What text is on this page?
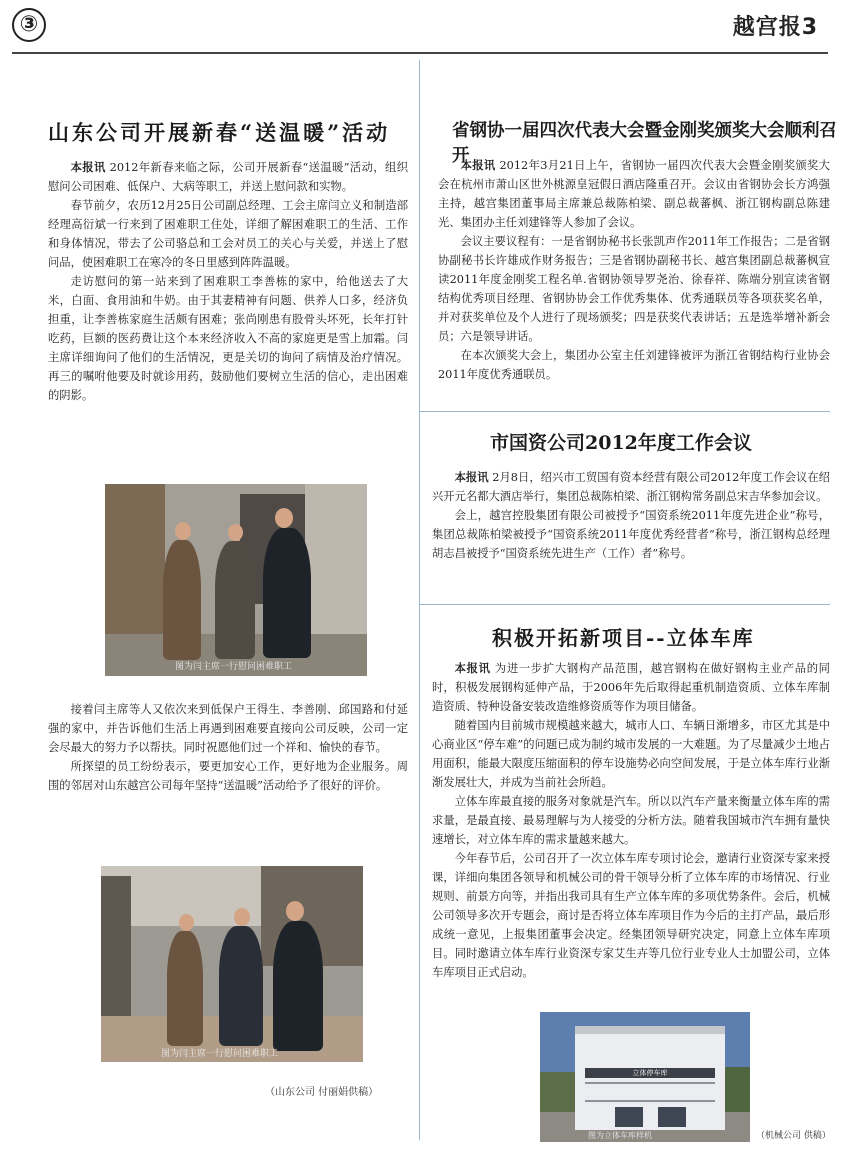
③	越宫报3
山东公司开展新春“送温暖”活动

本报讯 2012年新春来临之际，公司开展新春“送温暖”活动，组织慰问公司困难、低保户、大病等职工，并送上慰问款和实物。

春节前夕，农历12月25日公司副总经理、工会主席闫立义和制造部经理高衍斌一行来到了困难职工住处，详细了解困难职工的生活、工作和身体情况，带去了公司骆总和工会对员工的关心与关爱，并送上了慰问品，使困难职工在寒冷的冬日里感到阵阵温暖。

走访慰问的第一站来到了困难职工李善栋的家中，给他送去了大米，白面、食用油和牛奶。由于其妻精神有问题、供养人口多，经济负担重，让李善栋家庭生活颇有困难；张尚刚患有股骨头坏死，长年打针吃药，巨额的医药费让这个本来经济收入不高的家庭更是雪上加霜。闫主席详细询问了他们的生活情况，更是关切的询问了病情及治疗情况。再三的嘱咐他要及时就诊用药，鼓励他们要树立生活的信心，走出困难的阴影。

图为闫主席一行慰问困难职工

接着闫主席等人又依次来到低保户王得生、李善刚、邱国路和付延强的家中，并告诉他们生活上再遇到困难要直接向公司反映，公司一定会尽最大的努力予以帮扶。同时祝愿他们过一个祥和、愉快的春节。

所探望的员工纷纷表示，要更加安心工作，更好地为企业服务。周围的邻居对山东越宫公司每年坚持“送温暖”活动给予了很好的评价。

图为闫主席一行慰问困难职工
（山东公司 付丽娟供稿）
省钢协一届四次代表大会暨金刚奖颁奖大会顺利召开

本报讯 2012年3月21日上午，省钢协一届四次代表大会暨金刚奖颁奖大会在杭州市萧山区世外桃源皇冠假日酒店隆重召开。会议由省钢协会长方鸿强主持，越宫集团董事局主席兼总裁陈柏梁、副总裁蕃枫、浙江钢构副总陈建光、集团办主任刘建锋等人参加了会议。

会议主要议程有：一是省钢协秘书长张凯声作2011年工作报告；二是省钢协副秘书长许雄成作财务报告；三是省钢协副秘书长、越宫集团副总裁蕃枫宣读2011年度金刚奖工程名单.省钢协领导罗尧治、徐春祥、陈端分别宣读省钢结构优秀项目经理、省钢协协会工作优秀集体、优秀通联员等各项获奖名单，并对获奖单位及个人进行了现场颁奖；四是获奖代表讲话；五是选举增补新会员；六是领导讲话。

在本次颁奖大会上，集团办公室主任刘建锋被评为浙江省钢结构行业协会2011年度优秀通联员。

市国资公司2012年度工作会议

本报讯 2月8日，绍兴市工贸国有资本经营有限公司2012年度工作会议在绍兴开元名都大酒店举行，集团总裁陈柏梁、浙江钢构常务副总宋吉华参加会议。

会上，越宫控股集团有限公司被授予“国资系统2011年度先进企业”称号，集团总裁陈柏梁被授予“国资系统2011年度优秀经营者”称号，浙江钢构总经理胡志昌被授予“国资系统先进生产（工作）者”称号。

积极开拓新项目--立体车库

本报讯 为进一步扩大钢构产品范围，越宫钢构在做好钢构主业产品的同时，积极发展钢构延伸产品，于2006年先后取得起重机制造资质、立体车库制造资质、特种设备安装改造维修资质等作为项目储备。

随着国内目前城市规模越来越大，城市人口、车辆日渐增多，市区尤其是中心商业区“停车难”的问题已成为制约城市发展的一大难题。为了尽量减少土地占用面积，能最大限度压缩面积的停车设施势必向空间发展，于是立体车库行业渐渐发展壮大，并成为当前社会所趋。

立体车库最直接的服务对象就是汽车。所以以汽车产量来衡量立体车库的需求量，是最直接、最易理解与为人接受的分析方法。随着我国城市汽车拥有量快速增长，对立体车库的需求量越来越大。

今年春节后，公司召开了一次立体车库专项讨论会，邀请行业资深专家来授课，详细向集团各领导和机械公司的骨干领导分析了立体车库的市场情况、行业规则、前景方向等，并指出我司具有生产立体车库的多项优势条件。会后，机械公司领导多次开专题会，商讨是否将立体车库项目作为今后的主打产品，最后形成统一意见，上报集团董事会决定。经集团领导研究决定，同意上立体车库项目。同时邀请立体车库行业资深专家艾生卉等几位行业专业人士加盟公司，立体车库项目正式启动。

立体停车库
图为立体车库样机	（机械公司 供稿）
